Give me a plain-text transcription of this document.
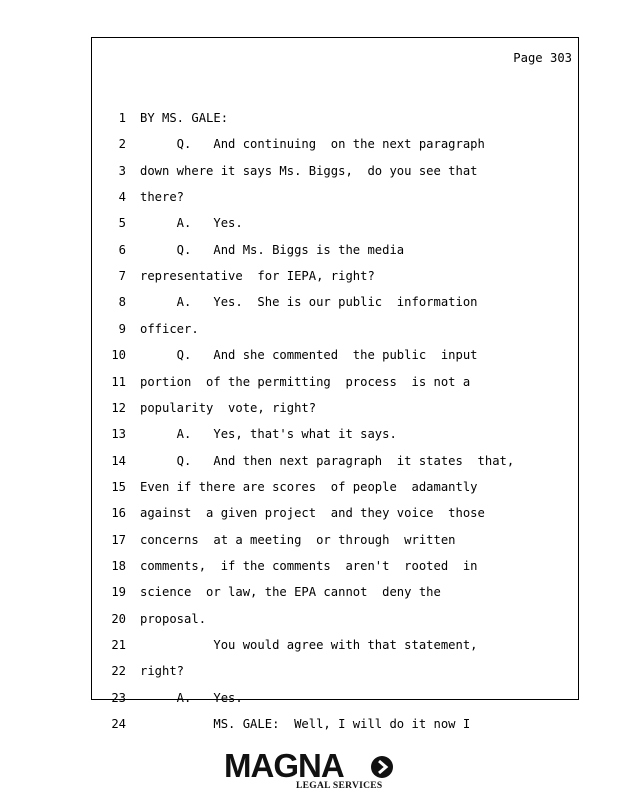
Page 303
1 BY MS. GALE:
2 Q.   And continuing  on the next paragraph
3 down where it says Ms. Biggs,  do you see that
4 there?
5 A.   Yes.
6 Q.   And Ms. Biggs is the media
7 representative  for IEPA, right?
8 A.   Yes.  She is our public  information
9 officer.
10 Q.   And she commented  the public  input
11 portion  of the permitting  process  is not a
12 popularity  vote, right?
13 A.   Yes, that's what it says.
14 Q.   And then next paragraph  it states  that,
15 Even if there are scores  of people  adamantly
16 against  a given project  and they voice  those
17 concerns  at a meeting  or through  written
18 comments,  if the comments  aren't  rooted  in
19 science  or law, the EPA cannot  deny the
20 proposal.
21 You would agree with that statement,
22 right?
23 A.   Yes.
24 MS. GALE:  Well, I will do it now I
MAGNA
LEGAL SERVICES
